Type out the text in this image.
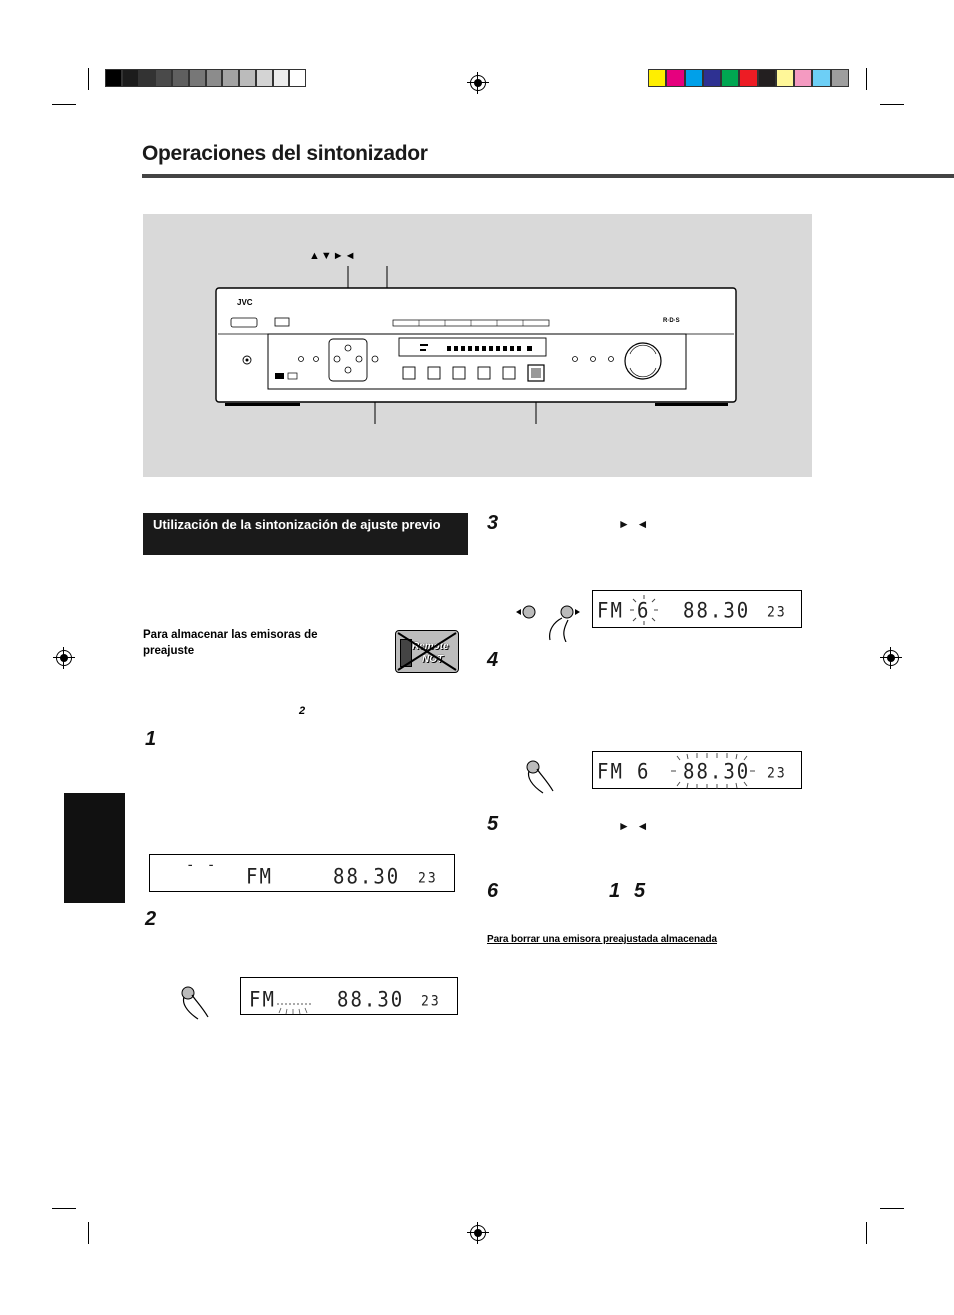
Operaciones del sintonizador
▲▼►◄
JVC
R·D·S
Utilización de la sintonización de ajuste previo
Para almacenar las emisoras de preajuste	Remote
NOT
2
1
2
3	►  ◄
4
5	►  ◄
6	1 5
- - FM	88.30 23
FM	88.30 23
FM 6 88.30 23
FM 6 88.30 23
Para borrar una emisora preajustada almacenada
